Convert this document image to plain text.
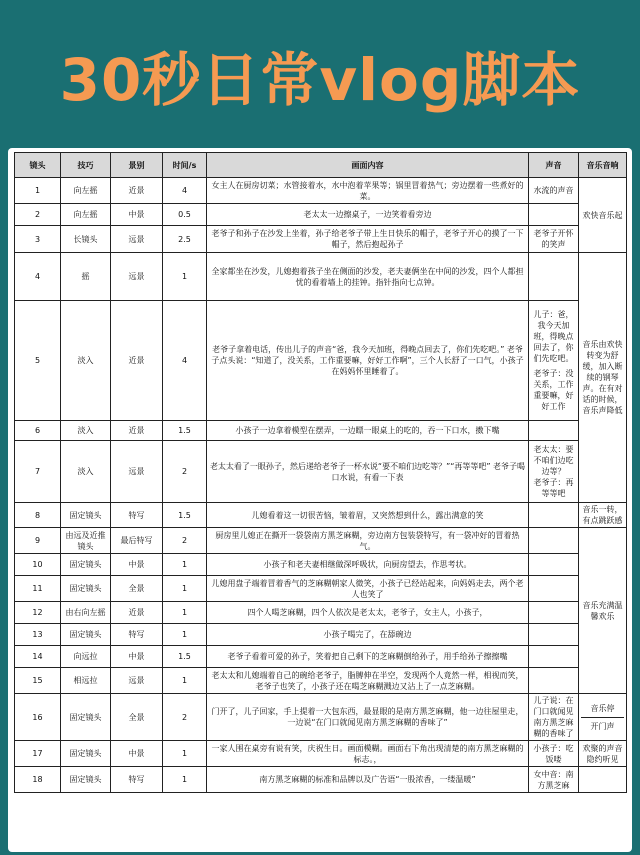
30秒日常vlog脚本
镜头	技巧	景别	时间/s	画面内容	声音	音乐音响
1	向左摇	近景	4	女主人在厨房切菜；水管接着水，水中泡着苹果等；锅里冒着热气；旁边摆着一些煮好的菜。	水流的声音	欢快音乐起
2	向左摇	中景	0.5	老太太一边擦桌子，一边笑着看旁边		
3	长镜头	远景	2.5	老爷子和孙子在沙发上坐着，孙子给老爷子带上生日快乐的帽子，老爷子开心的摸了一下帽子，然后抱起孙子	老爷子开怀的笑声	
4	摇	远景	1	全家都坐在沙发，儿媳抱着孩子坐在侧面的沙发，老夫妻俩坐在中间的沙发，四个人都担忧的看着墙上的挂钟。指针指向七点钟。		音乐由欢快转变为舒缓，加入断续的钢琴声。在有对话的时候，音乐声降低
5	淡入	近景	4	老爷子拿着电话，传出儿子的声音“爸，我今天加班，得晚点回去了，你们先吃吧。” 老爷子点头说：“知道了，没关系，工作重要嘛，好好工作啊”，三个人长舒了一口气，小孩子在妈妈怀里睡着了。	儿子：爸，我今天加班，得晚点回去了，你们先吃吧。
老爷子：没关系，工作重要嘛，好好工作	

6	淡入	近景	1.5	小孩子一边拿着模型在摆弄，一边瞟一眼桌上的吃的，吞一下口水，擞下嘴		
7	淡入	远景	2	老太太看了一眼孙子，然后递给老爷子一杯水说“要不咱们边吃等？”“再等等吧” 老爷子喝口水说，有看一下表	老太太：要不咱们边吃边等？
老爷子：再等等吧	

8	固定镜头	特写	1.5	儿媳看着这一切很苦恼，皱着眉，又突然想到什么，露出满意的笑		音乐一转，有点跳跃感
9	由远及近推镜头	最后特写	2	厨房里儿媳正在撕开一袋袋南方黑芝麻糊，旁边南方包装袋特写，有一袋冲好的冒着热气。		音乐充满温馨欢乐
10	固定镜头	中景	1	小孩子和老夫妻相继做深呼吸状，向厨房望去，作思考状。		
11	固定镜头	全景	1	儿媳用盘子端着冒着香气的芝麻糊朝家人微笑，小孩子已经站起来，向妈妈走去，两个老人也笑了		
12	由右向左摇	近景	1	四个人喝芝麻糊，四个人依次是老太太，老爷子，女主人，小孩子，		
13	固定镜头	特写	1	小孩子喝完了，在舔碗边		
14	向远拉	中景	1.5	老爷子看着可爱的孙子，笑着把自己剩下的芝麻糊倒给孙子，用手给孙子擦擦嘴		
15	相远拉	远景	1	老太太和儿媳端着自己的碗给老爷子，脂膊伸在半空，发现两个人竟然一样，相视而笑，老爷子也笑了，小孩子还在喝芝麻糊溅边又沾上了一点芝麻糊。		
16	固定镜头	全景	2	门开了，儿子回家，手上提着一大包东西，最显眼的是南方黑芝麻糊，他一边往屋里走，一边说“在门口就闻见南方黑芝麻糊的香味了”	儿子说：在门口就闻见南方黑芝麻糊的香味了	音乐停
开门声

17	固定镜头	中景	1	一家人围在桌旁有说有笑，庆祝生日。画面模糊。画面右下角出现清楚的南方黑芝麻糊的标志。，	小孩子：吃饭喽	欢聚的声音隐约听见
18	固定镜头	特写	1	南方黑芝麻糊的标准和品牌以及广告语“一股浓香，一缕温暖”	女中音：南方黑芝麻	
